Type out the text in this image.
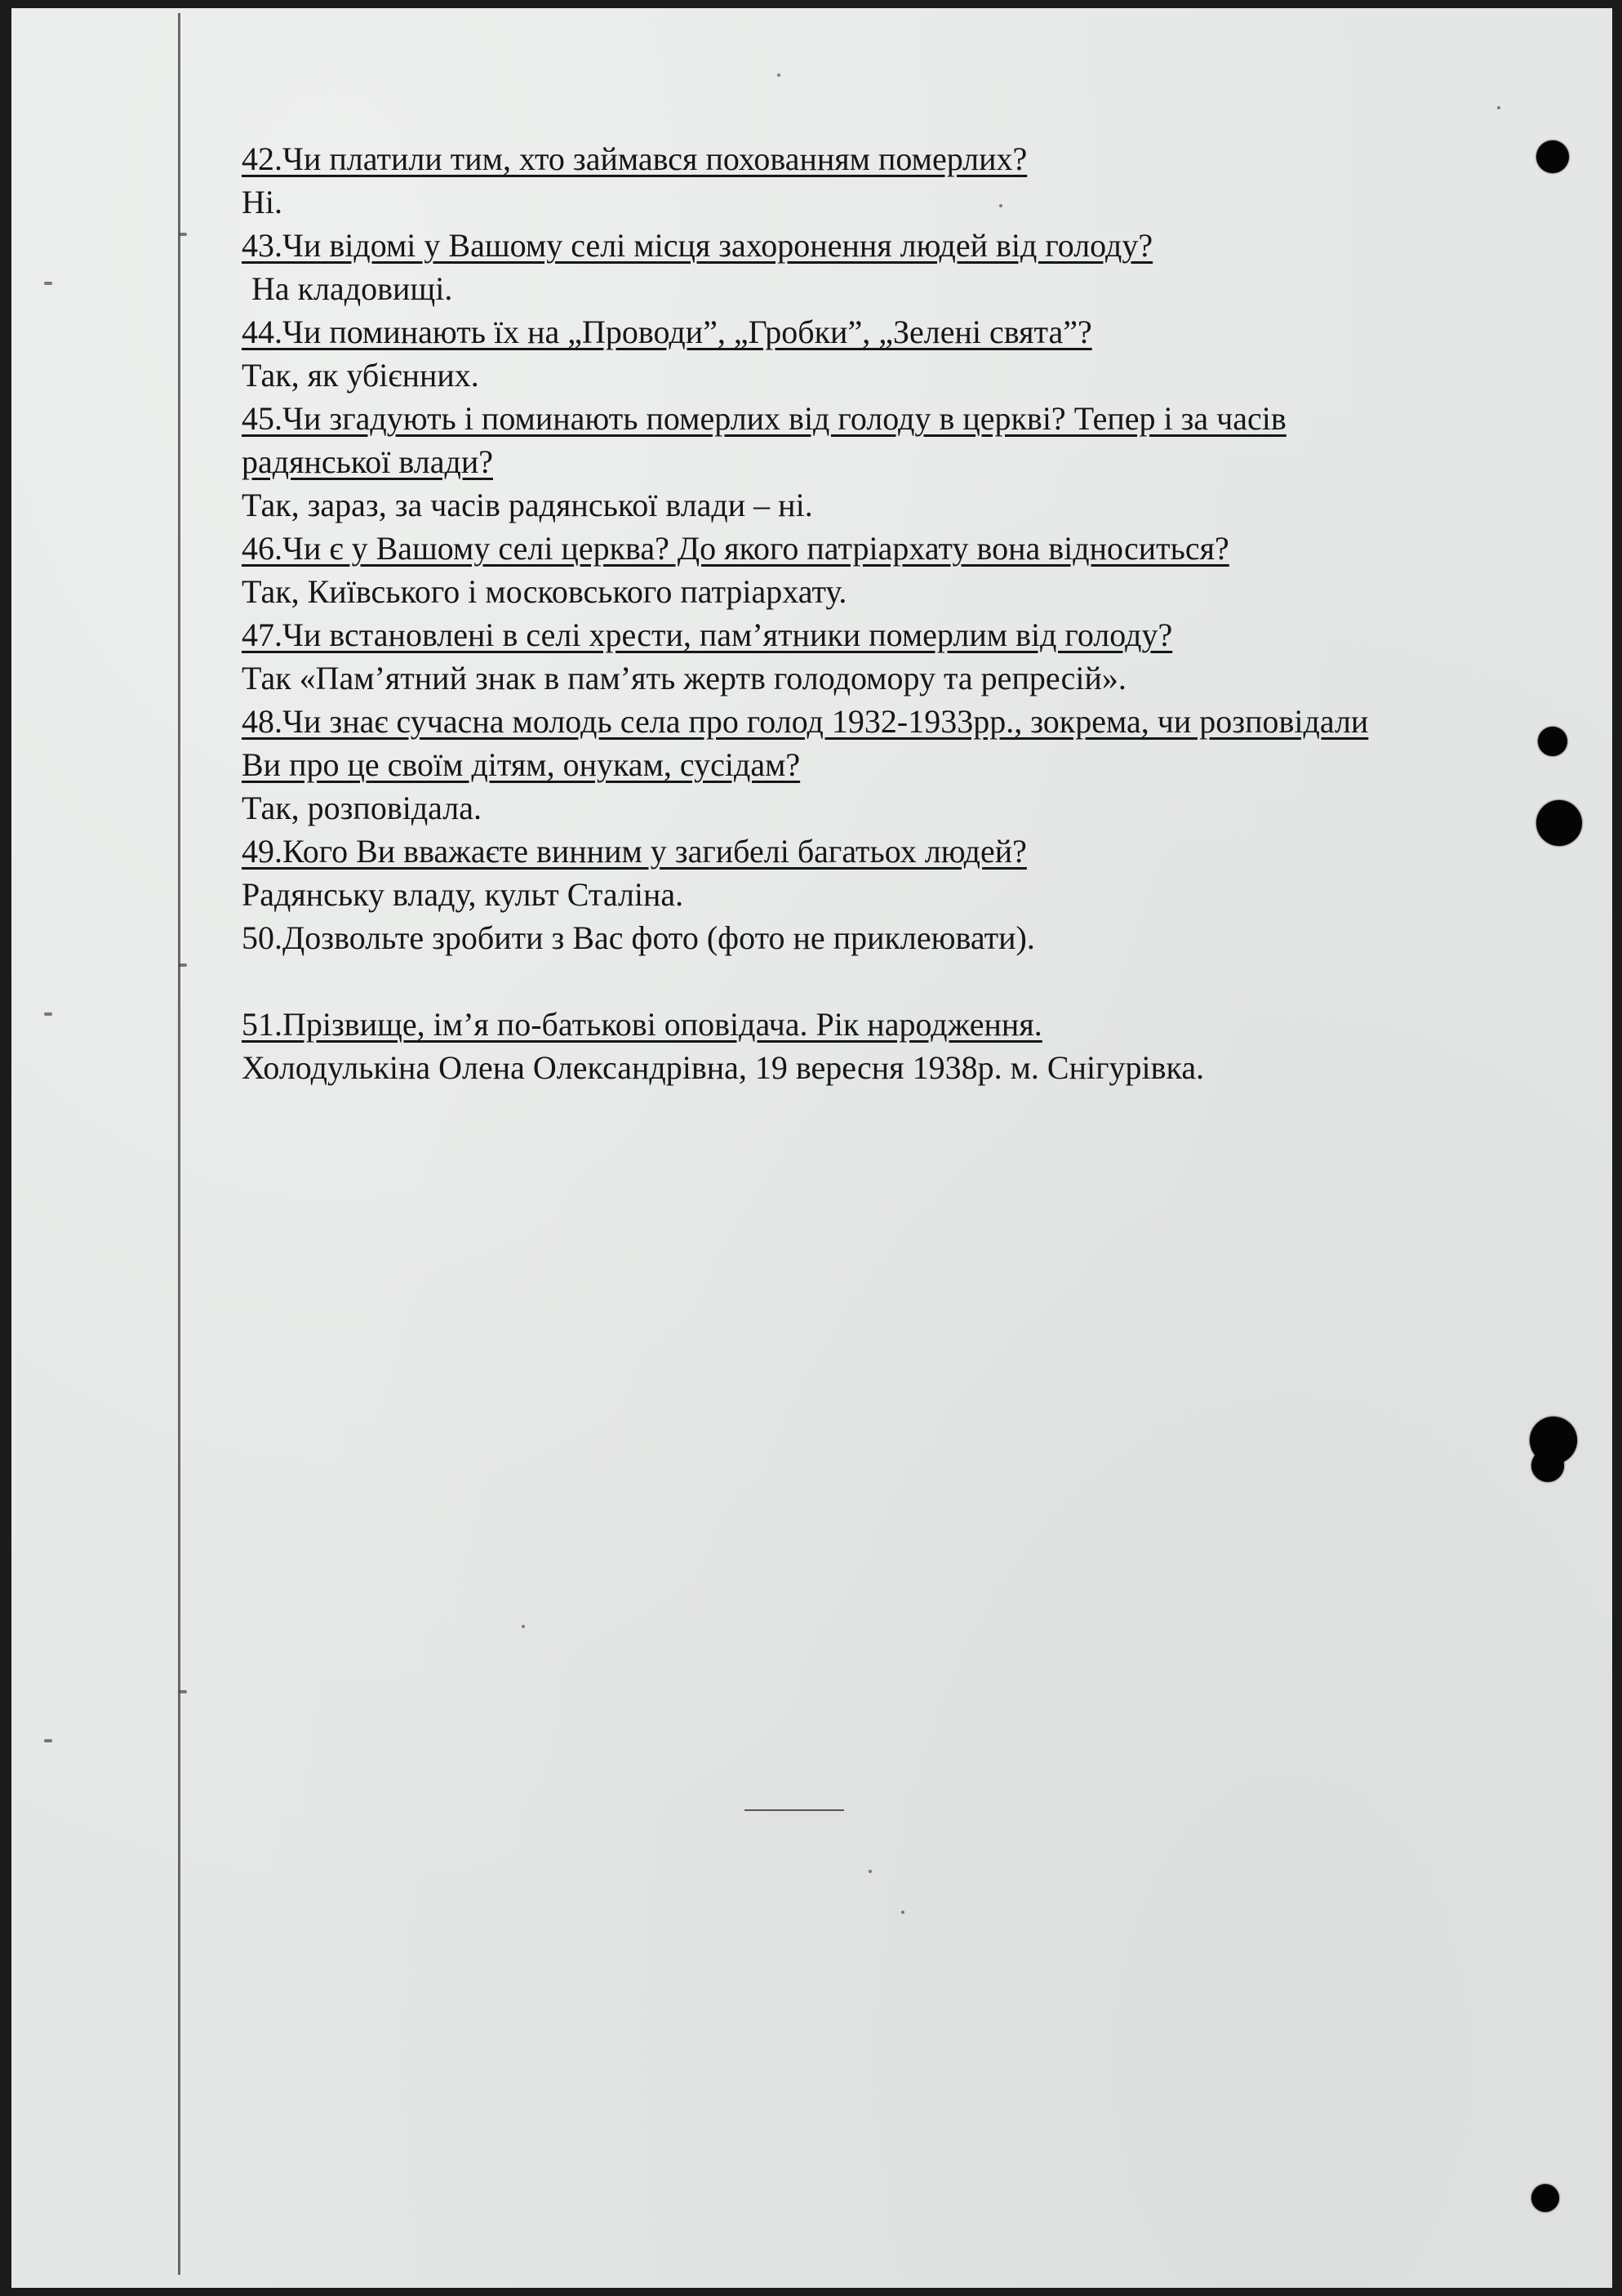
42.Чи платили тим, хто займався похованням померлих?
Ні.
43.Чи відомі у Вашому селі місця захоронення людей від голоду?
На кладовищі.
44.Чи поминають їх на „Проводи”, „Гробки”, „Зелені свята”?
Так, як убієнних.
45.Чи згадують і поминають померлих від голоду в церкві? Тепер і за часів
радянської влади?
Так, зараз, за часів радянської влади – ні.
46.Чи є у Вашому селі церква? До якого патріархату вона відноситься?
Так, Київського і московського патріархату.
47.Чи встановлені в селі хрести, пам’ятники померлим від голоду?
Так «Пам’ятний знак в пам’ять жертв голодомору та репресій».
48.Чи знає сучасна молодь села про голод 1932-1933рр., зокрема, чи розповідали
Ви про це своїм дітям, онукам, сусідам?
Так, розповідала.
49.Кого Ви вважаєте винним у загибелі багатьох людей?
Радянську владу, культ Сталіна.
50.Дозвольте зробити з Вас фото (фото не приклеювати).
51.Прізвище, ім’я по-батькові оповідача. Рік народження.
Холодулькіна Олена Олександрівна, 19 вересня 1938р. м. Снігурівка.
